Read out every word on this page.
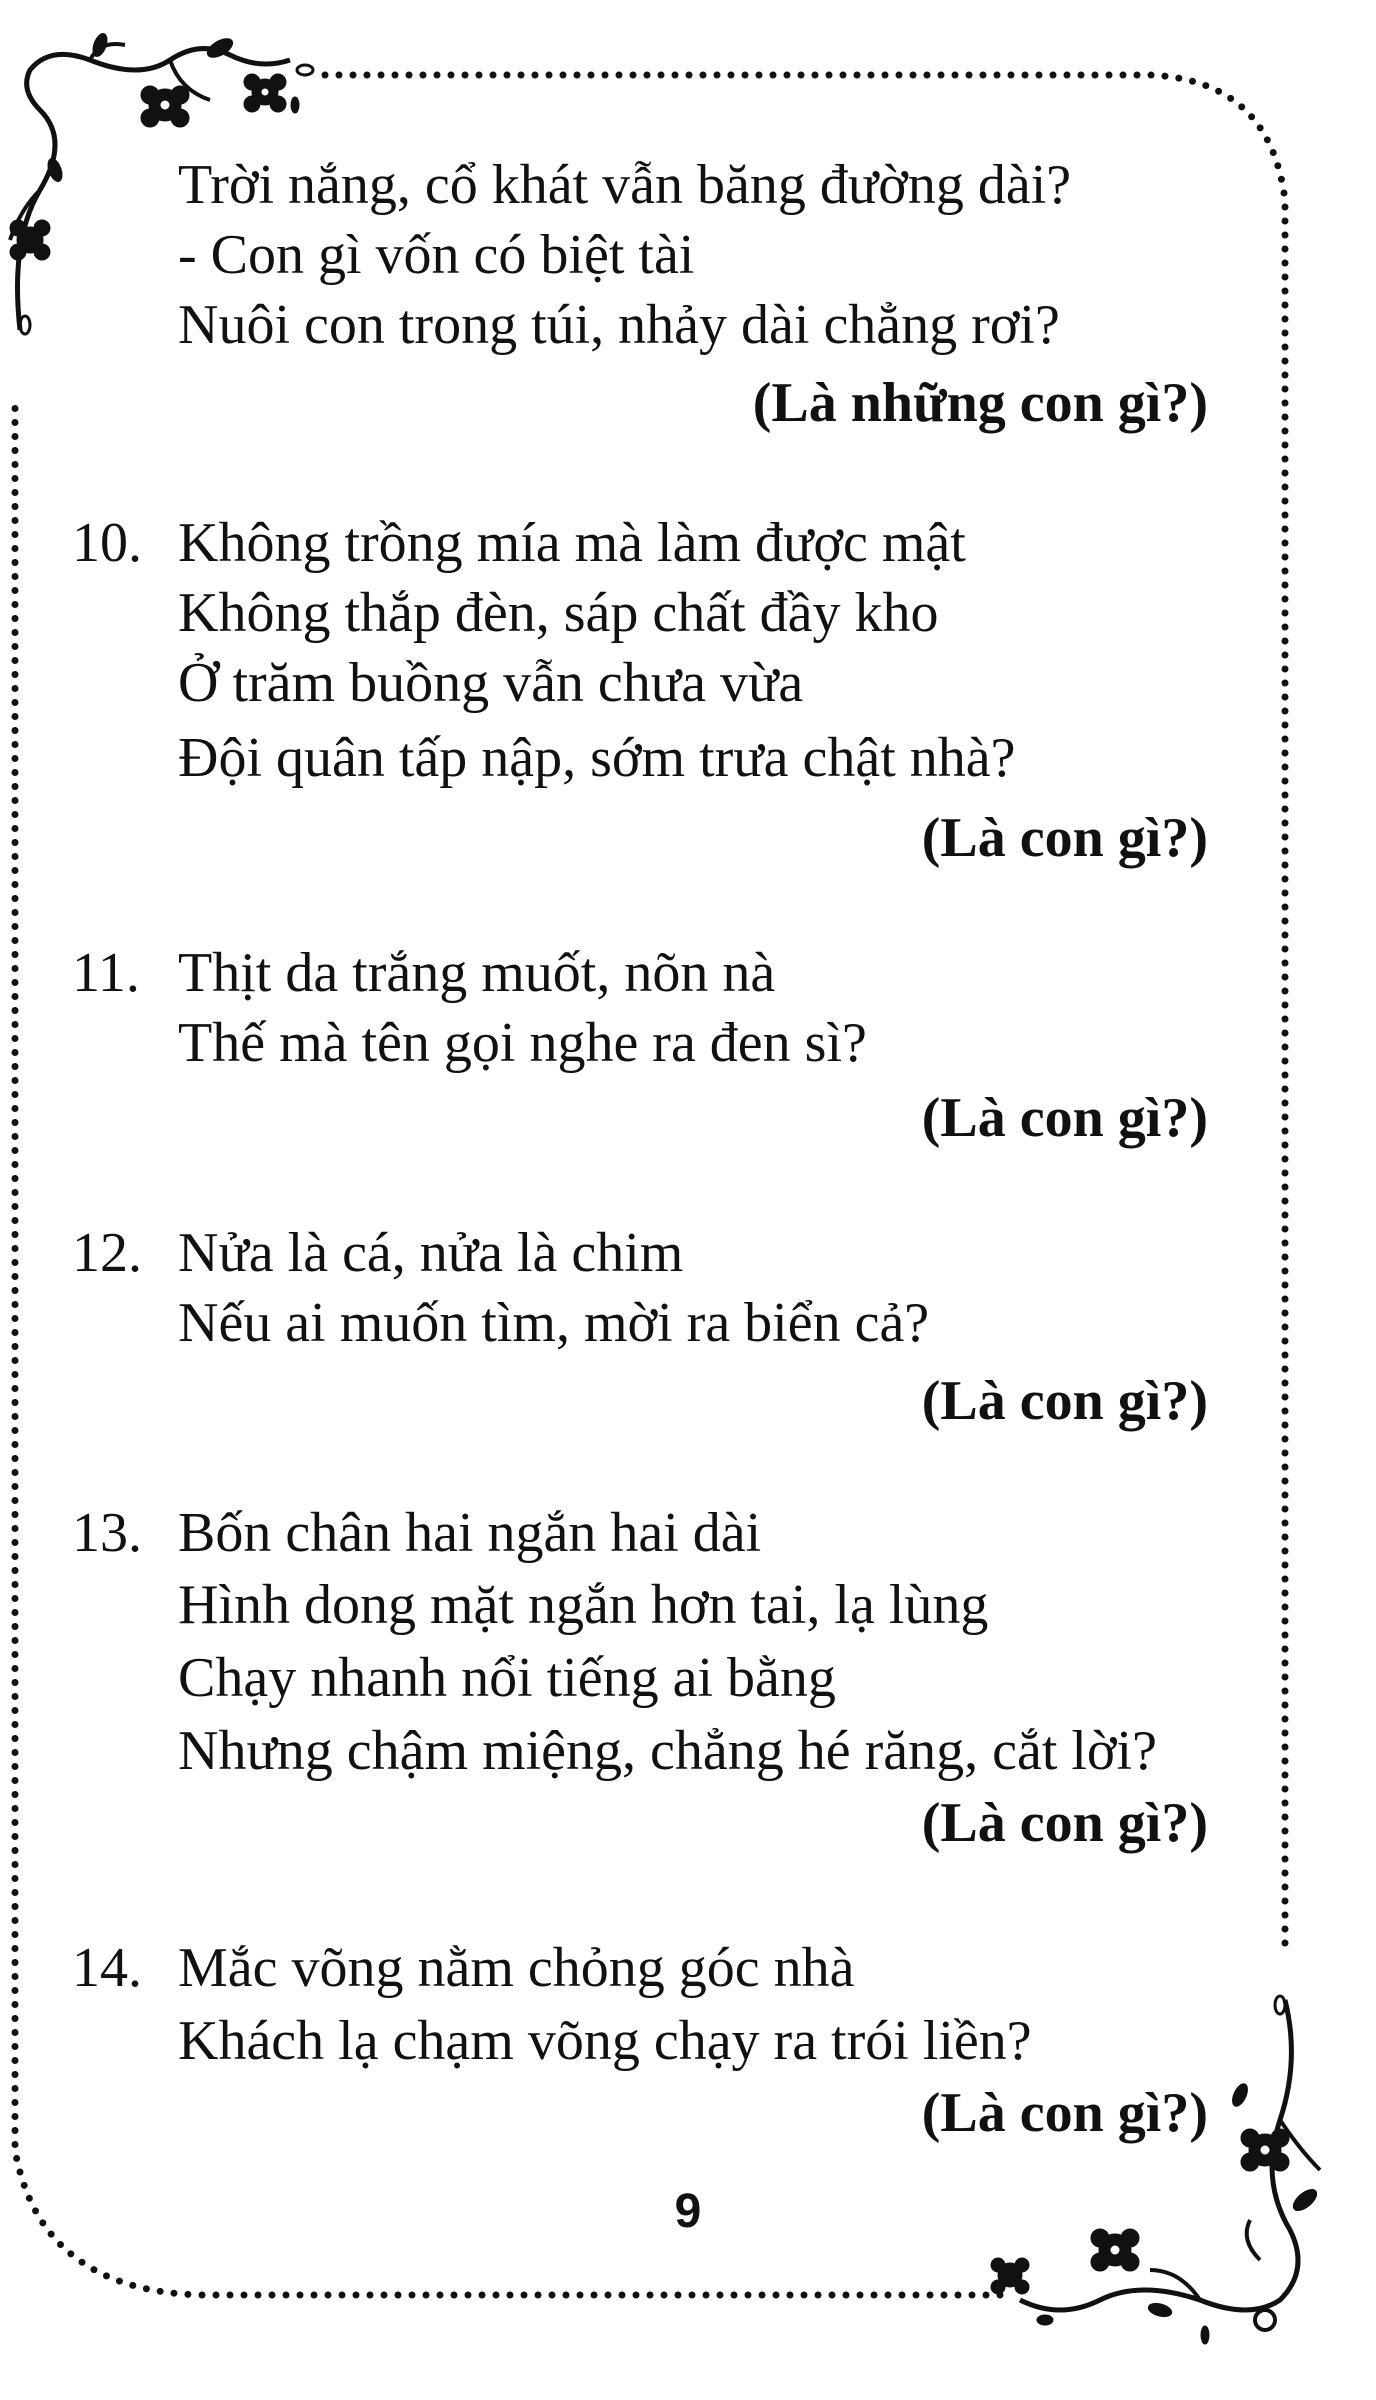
Trời nắng, cổ khát vẫn băng đường dài?
- Con gì vốn có biệt tài
Nuôi con trong túi, nhảy dài chẳng rơi?
(Là những con gì?)
10. Không trồng mía mà làm được mật
Không thắp đèn, sáp chất đầy kho
Ở trăm buồng vẫn chưa vừa
Đội quân tấp nập, sớm trưa chật nhà?
(Là con gì?)
11. Thịt da trắng muốt, nõn nà
Thế mà tên gọi nghe ra đen sì?
(Là con gì?)
12. Nửa là cá, nửa là chim
Nếu ai muốn tìm, mời ra biển cả?
(Là con gì?)
13. Bốn chân hai ngắn hai dài
Hình dong mặt ngắn hơn tai, lạ lùng
Chạy nhanh nổi tiếng ai bằng
Nhưng chậm miệng, chẳng hé răng, cắt lời?
(Là con gì?)
14. Mắc võng nằm chỏng góc nhà
Khách lạ chạm võng chạy ra trói liền?
(Là con gì?)
9
